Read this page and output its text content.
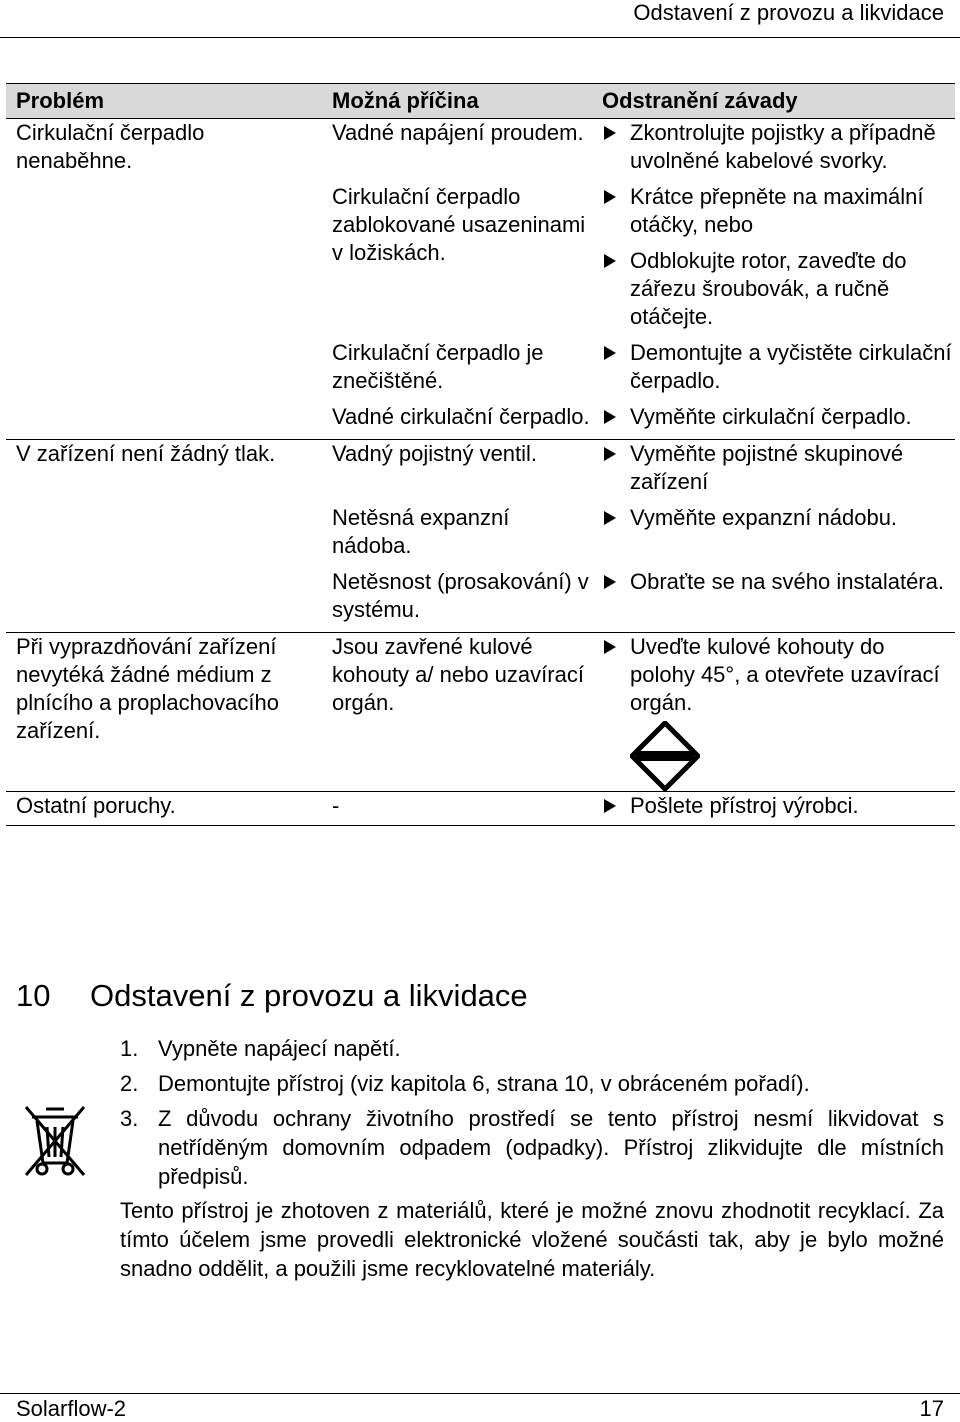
Odstavení z provozu a likvidace
Problém	Možná příčina	Odstranění závady
Cirkulační čerpadlo nenaběhne.	Vadné napájení proudem.	Zkontrolujte pojistky a případně uvolněné kabelové svorky.

	Cirkulační čerpadlo zablokované usazeninami v ložiskách.	Krátce přepněte na maximální otáčky, nebo
Odblokujte rotor, zaveďte do zářezu šroubovák, a ručně otáčejte.

	Cirkulační čerpadlo je znečištěné.	Demontujte a vyčistěte cirkulační čerpadlo.

	Vadné cirkulační čerpadlo.	Vyměňte cirkulační čerpadlo.

V zařízení není žádný tlak.	Vadný pojistný ventil.	Vyměňte pojistné skupinové zařízení

	Netěsná expanzní nádoba.	Vyměňte expanzní nádobu.

	Netěsnost (prosakování) v systému.	Obraťte se na svého instalatéra.

Při vyprazdňování zařízení nevytéká žádné médium z plnícího a proplachovacího zařízení.	Jsou zavřené kulové kohouty a/ nebo uzavírací orgán.	Uveďte kulové kohouty do polohy 45°, a otevřete uzavírací orgán.

Ostatní poruchy.	-	Pošlete přístroj výrobci.
10 Odstavení z provozu a likvidace
1. Vypněte napájecí napětí.
2. Demontujte přístroj (viz kapitola 6, strana 10, v obráceném pořadí).
3. Z důvodu ochrany životního prostředí se tento přístroj nesmí likvidovat s netříděným domovním odpadem (odpadky). Přístroj zlikvidujte dle místních předpisů.

Tento přístroj je zhotoven z materiálů, které je možné znovu zhodnotit recyklací. Za tímto účelem jsme provedli elektronické vložené součásti tak, aby je bylo možné snadno oddělit, a použili jsme recyklovatelné materiály.

Solarflow-2	17
